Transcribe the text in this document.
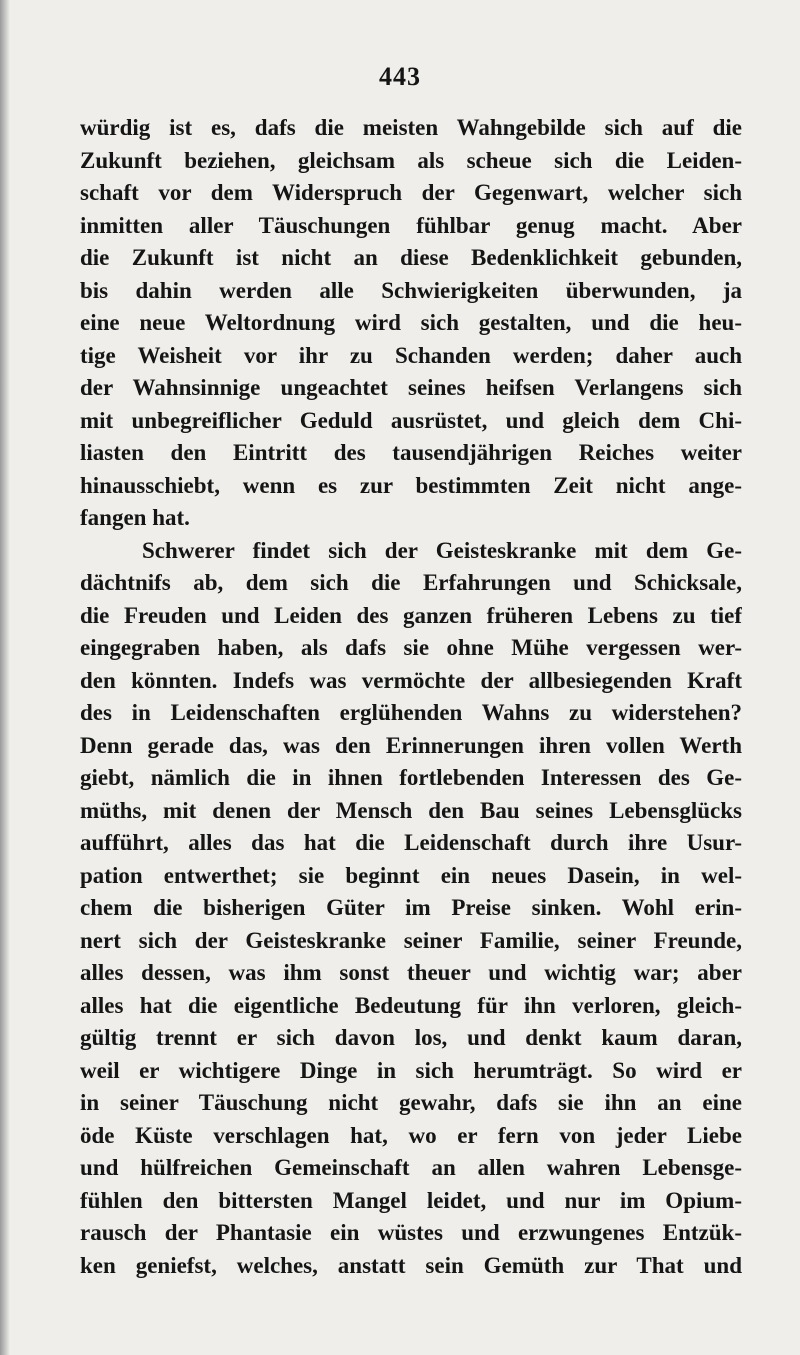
443
würdig ist es, dafs die meisten Wahngebilde sich auf die
Zukunft beziehen, gleichsam als scheue sich die Leiden-
schaft vor dem Widerspruch der Gegenwart, welcher sich
inmitten aller Täuschungen fühlbar genug macht. Aber
die Zukunft ist nicht an diese Bedenklichkeit gebunden,
bis dahin werden alle Schwierigkeiten überwunden, ja
eine neue Weltordnung wird sich gestalten, und die heu-
tige Weisheit vor ihr zu Schanden werden; daher auch
der Wahnsinnige ungeachtet seines heifsen Verlangens sich
mit unbegreiflicher Geduld ausrüstet, und gleich dem Chi-
liasten den Eintritt des tausendjährigen Reiches weiter
hinausschiebt, wenn es zur bestimmten Zeit nicht ange-
fangen hat.
Schwerer findet sich der Geisteskranke mit dem Ge-
dächtnifs ab, dem sich die Erfahrungen und Schicksale,
die Freuden und Leiden des ganzen früheren Lebens zu tief
eingegraben haben, als dafs sie ohne Mühe vergessen wer-
den könnten. Indefs was vermöchte der allbesiegenden Kraft
des in Leidenschaften erglühenden Wahns zu widerstehen?
Denn gerade das, was den Erinnerungen ihren vollen Werth
giebt, nämlich die in ihnen fortlebenden Interessen des Ge-
müths, mit denen der Mensch den Bau seines Lebensglücks
aufführt, alles das hat die Leidenschaft durch ihre Usur-
pation entwerthet; sie beginnt ein neues Dasein, in wel-
chem die bisherigen Güter im Preise sinken. Wohl erin-
nert sich der Geisteskranke seiner Familie, seiner Freunde,
alles dessen, was ihm sonst theuer und wichtig war; aber
alles hat die eigentliche Bedeutung für ihn verloren, gleich-
gültig trennt er sich davon los, und denkt kaum daran,
weil er wichtigere Dinge in sich herumträgt. So wird er
in seiner Täuschung nicht gewahr, dafs sie ihn an eine
öde Küste verschlagen hat, wo er fern von jeder Liebe
und hülfreichen Gemeinschaft an allen wahren Lebensge-
fühlen den bittersten Mangel leidet, und nur im Opium-
rausch der Phantasie ein wüstes und erzwungenes Entzük-
ken geniefst, welches, anstatt sein Gemüth zur That und
